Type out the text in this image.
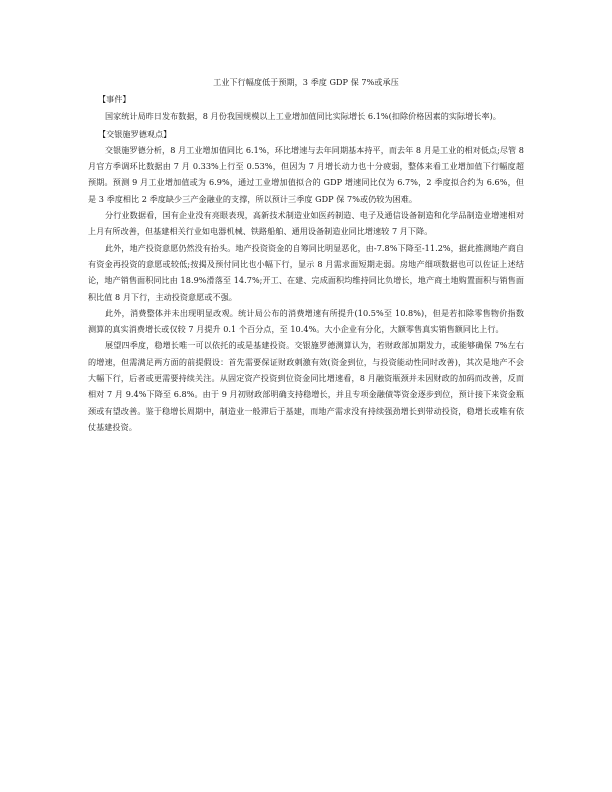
工业下行幅度低于预期，3 季度 GDP 保 7%或承压
【事件】

国家统计局昨日发布数据，8 月份我国规模以上工业增加值同比实际增长 6.1%(扣除价格因素的实际增长率)。

【交银施罗德观点】

交银施罗德分析，8 月工业增加值同比 6.1%，环比增速与去年同期基本持平，而去年 8 月是工业的相对低点;尽管 8 月官方季调环比数据由 7 月 0.33%上行至 0.53%，但因为 7 月增长动力也十分疲弱，整体来看工业增加值下行幅度超预期。预测 9 月工业增加值或为 6.9%，通过工业增加值拟合的 GDP 增速同比仅为 6.7%，2 季度拟合约为 6.6%，但是 3 季度相比 2 季度缺少三产金融业的支撑，所以预计三季度 GDP 保 7%或仍较为困难。

分行业数据看，国有企业没有亮眼表现，高新技术制造业如医药制造、电子及通信设备制造和化学品制造业增速相对上月有所改善，但基建相关行业如电器机械、铁路船舶、通用设备制造业同比增速较 7 月下降。

此外，地产投资意愿仍然没有抬头。地产投资资金的自筹同比明显恶化，由-7.8%下降至-11.2%，据此推测地产商自有资金再投资的意愿或较低;按揭及预付同比也小幅下行，显示 8 月需求面短期走弱。房地产细项数据也可以佐证上述结论，地产销售面积同比由 18.9%滑落至 14.7%;开工、在建、完成面积均维持同比负增长，地产商土地购置面积与销售面积比值 8 月下行，主动投资意愿或不强。

此外，消费整体并未出现明显改观。统计局公布的消费增速有所提升(10.5%至 10.8%)，但是若扣除零售物价指数测算的真实消费增长或仅较 7 月提升 0.1 个百分点，至 10.4%。大小企业有分化，大额零售真实销售额同比上行。

展望四季度，稳增长唯一可以依托的或是基建投资。交银施罗德测算认为，若财政部加期发力，或能够确保 7%左右的增速，但需满足两方面的前提假设：首先需要保证财政刺激有效(资金到位，与投资能动性同时改善)，其次是地产不会大幅下行，后者或更需要持续关注。从固定资产投资到位资金同比增速看，8 月融资瓶颈并未因财政的加码而改善，反而相对 7 月 9.4%下降至 6.8%。由于 9 月初财政部明确支持稳增长，并且专项金融债等资金逐步到位，预计接下来资金瓶颈或有望改善。鉴于稳增长周期中，制造业一般滞后于基建，而地产需求没有持续强劲增长到带动投资，稳增长或唯有依仗基建投资。
